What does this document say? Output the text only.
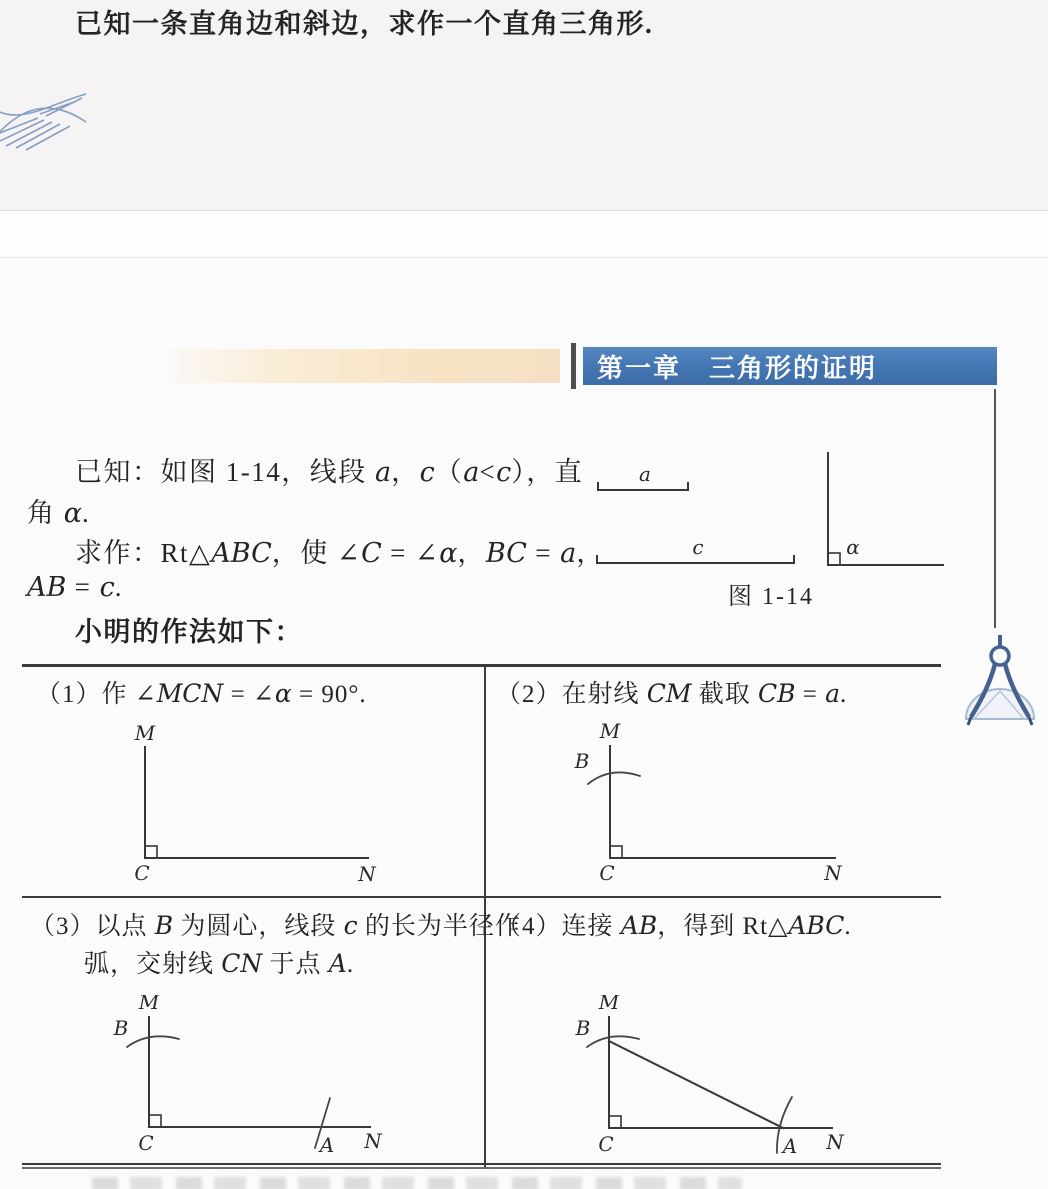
已知一条直角边和斜边，求作一个直角三角形.

第一章　三角形的证明

已知：如图 1-14，线段 a，c（a<c），直

角 α.

求作：Rt△ABC，使 ∠C = ∠α，BC = a，

AB = c.

小明的作法如下：

a
c	α
图 1-14

（1）作 ∠MCN = ∠α = 90°.	（2）在射线 CM 截取 CB = a.

（3）以点 B 为圆心，线段 c 的长为半径作

弧，交射线 CN 于点 A.

（4）连接 AB，得到 Rt△ABC.

M
C	N
M
B
C	N
M
B
C	A N
M
B
C	A N
